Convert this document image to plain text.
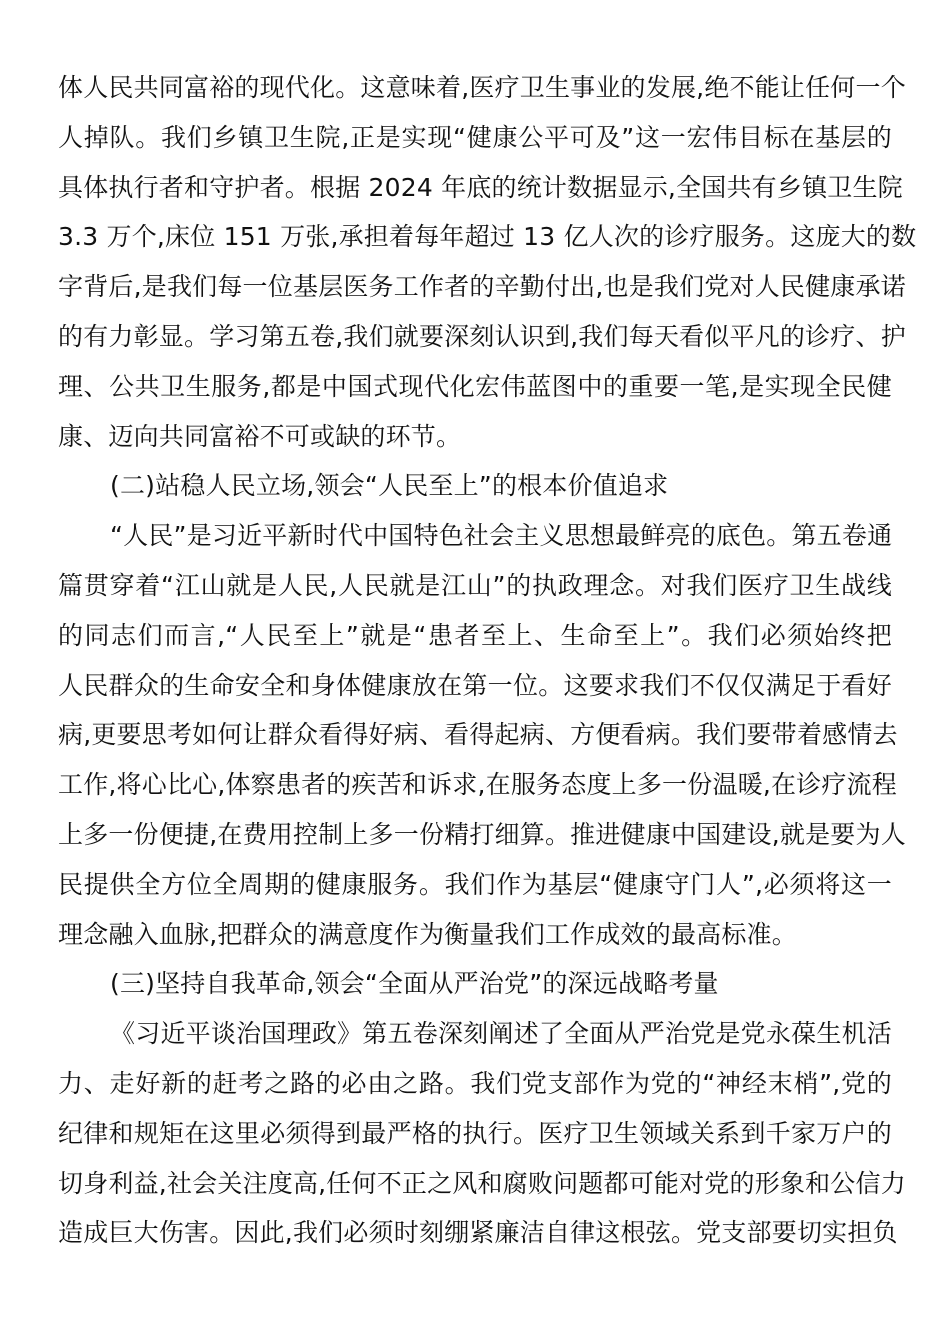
体人民共同富裕的现代化。这意味着,医疗卫生事业的发展,绝不能让任何一个
人掉队。我们乡镇卫生院,正是实现“健康公平可及”这一宏伟目标在基层的
具体执行者和守护者。根据 2024 年底的统计数据显示,全国共有乡镇卫生院
3.3 万个,床位 151 万张,承担着每年超过 13 亿人次的诊疗服务。这庞大的数
字背后,是我们每一位基层医务工作者的辛勤付出,也是我们党对人民健康承诺
的有力彰显。学习第五卷,我们就要深刻认识到,我们每天看似平凡的诊疗、护
理、公共卫生服务,都是中国式现代化宏伟蓝图中的重要一笔,是实现全民健
康、迈向共同富裕不可或缺的环节。
(二)站稳人民立场,领会“人民至上”的根本价值追求
“人民”是习近平新时代中国特色社会主义思想最鲜亮的底色。第五卷通
篇贯穿着“江山就是人民,人民就是江山”的执政理念。对我们医疗卫生战线
的同志们而言,“人民至上”就是“患者至上、生命至上”。我们必须始终把
人民群众的生命安全和身体健康放在第一位。这要求我们不仅仅满足于看好
病,更要思考如何让群众看得好病、看得起病、方便看病。我们要带着感情去
工作,将心比心,体察患者的疾苦和诉求,在服务态度上多一份温暖,在诊疗流程
上多一份便捷,在费用控制上多一份精打细算。推进健康中国建设,就是要为人
民提供全方位全周期的健康服务。我们作为基层“健康守门人”,必须将这一
理念融入血脉,把群众的满意度作为衡量我们工作成效的最高标准。
(三)坚持自我革命,领会“全面从严治党”的深远战略考量
《习近平谈治国理政》第五卷深刻阐述了全面从严治党是党永葆生机活
力、走好新的赶考之路的必由之路。我们党支部作为党的“神经末梢”,党的
纪律和规矩在这里必须得到最严格的执行。医疗卫生领域关系到千家万户的
切身利益,社会关注度高,任何不正之风和腐败问题都可能对党的形象和公信力
造成巨大伤害。因此,我们必须时刻绷紧廉洁自律这根弦。党支部要切实担负
